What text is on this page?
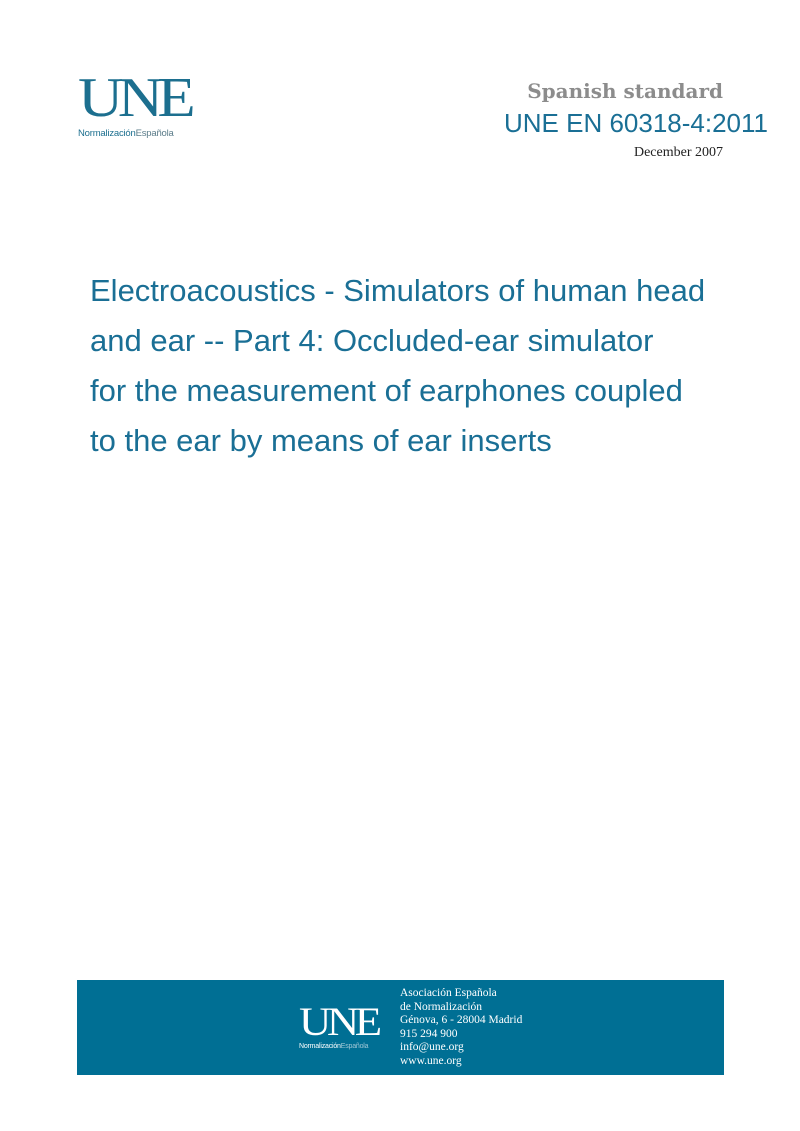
UNE
NormalizaciónEspañola
Spanish standard
UNE EN 60318-4:2011
December 2007
Electroacoustics - Simulators of human head
and ear -- Part 4: Occluded-ear simulator
for the measurement of earphones coupled
to the ear by means of ear inserts
UNE
NormalizaciónEspañola
Asociación Española
de Normalización
Génova, 6 - 28004 Madrid
915 294 900
info@une.org
www.une.org
